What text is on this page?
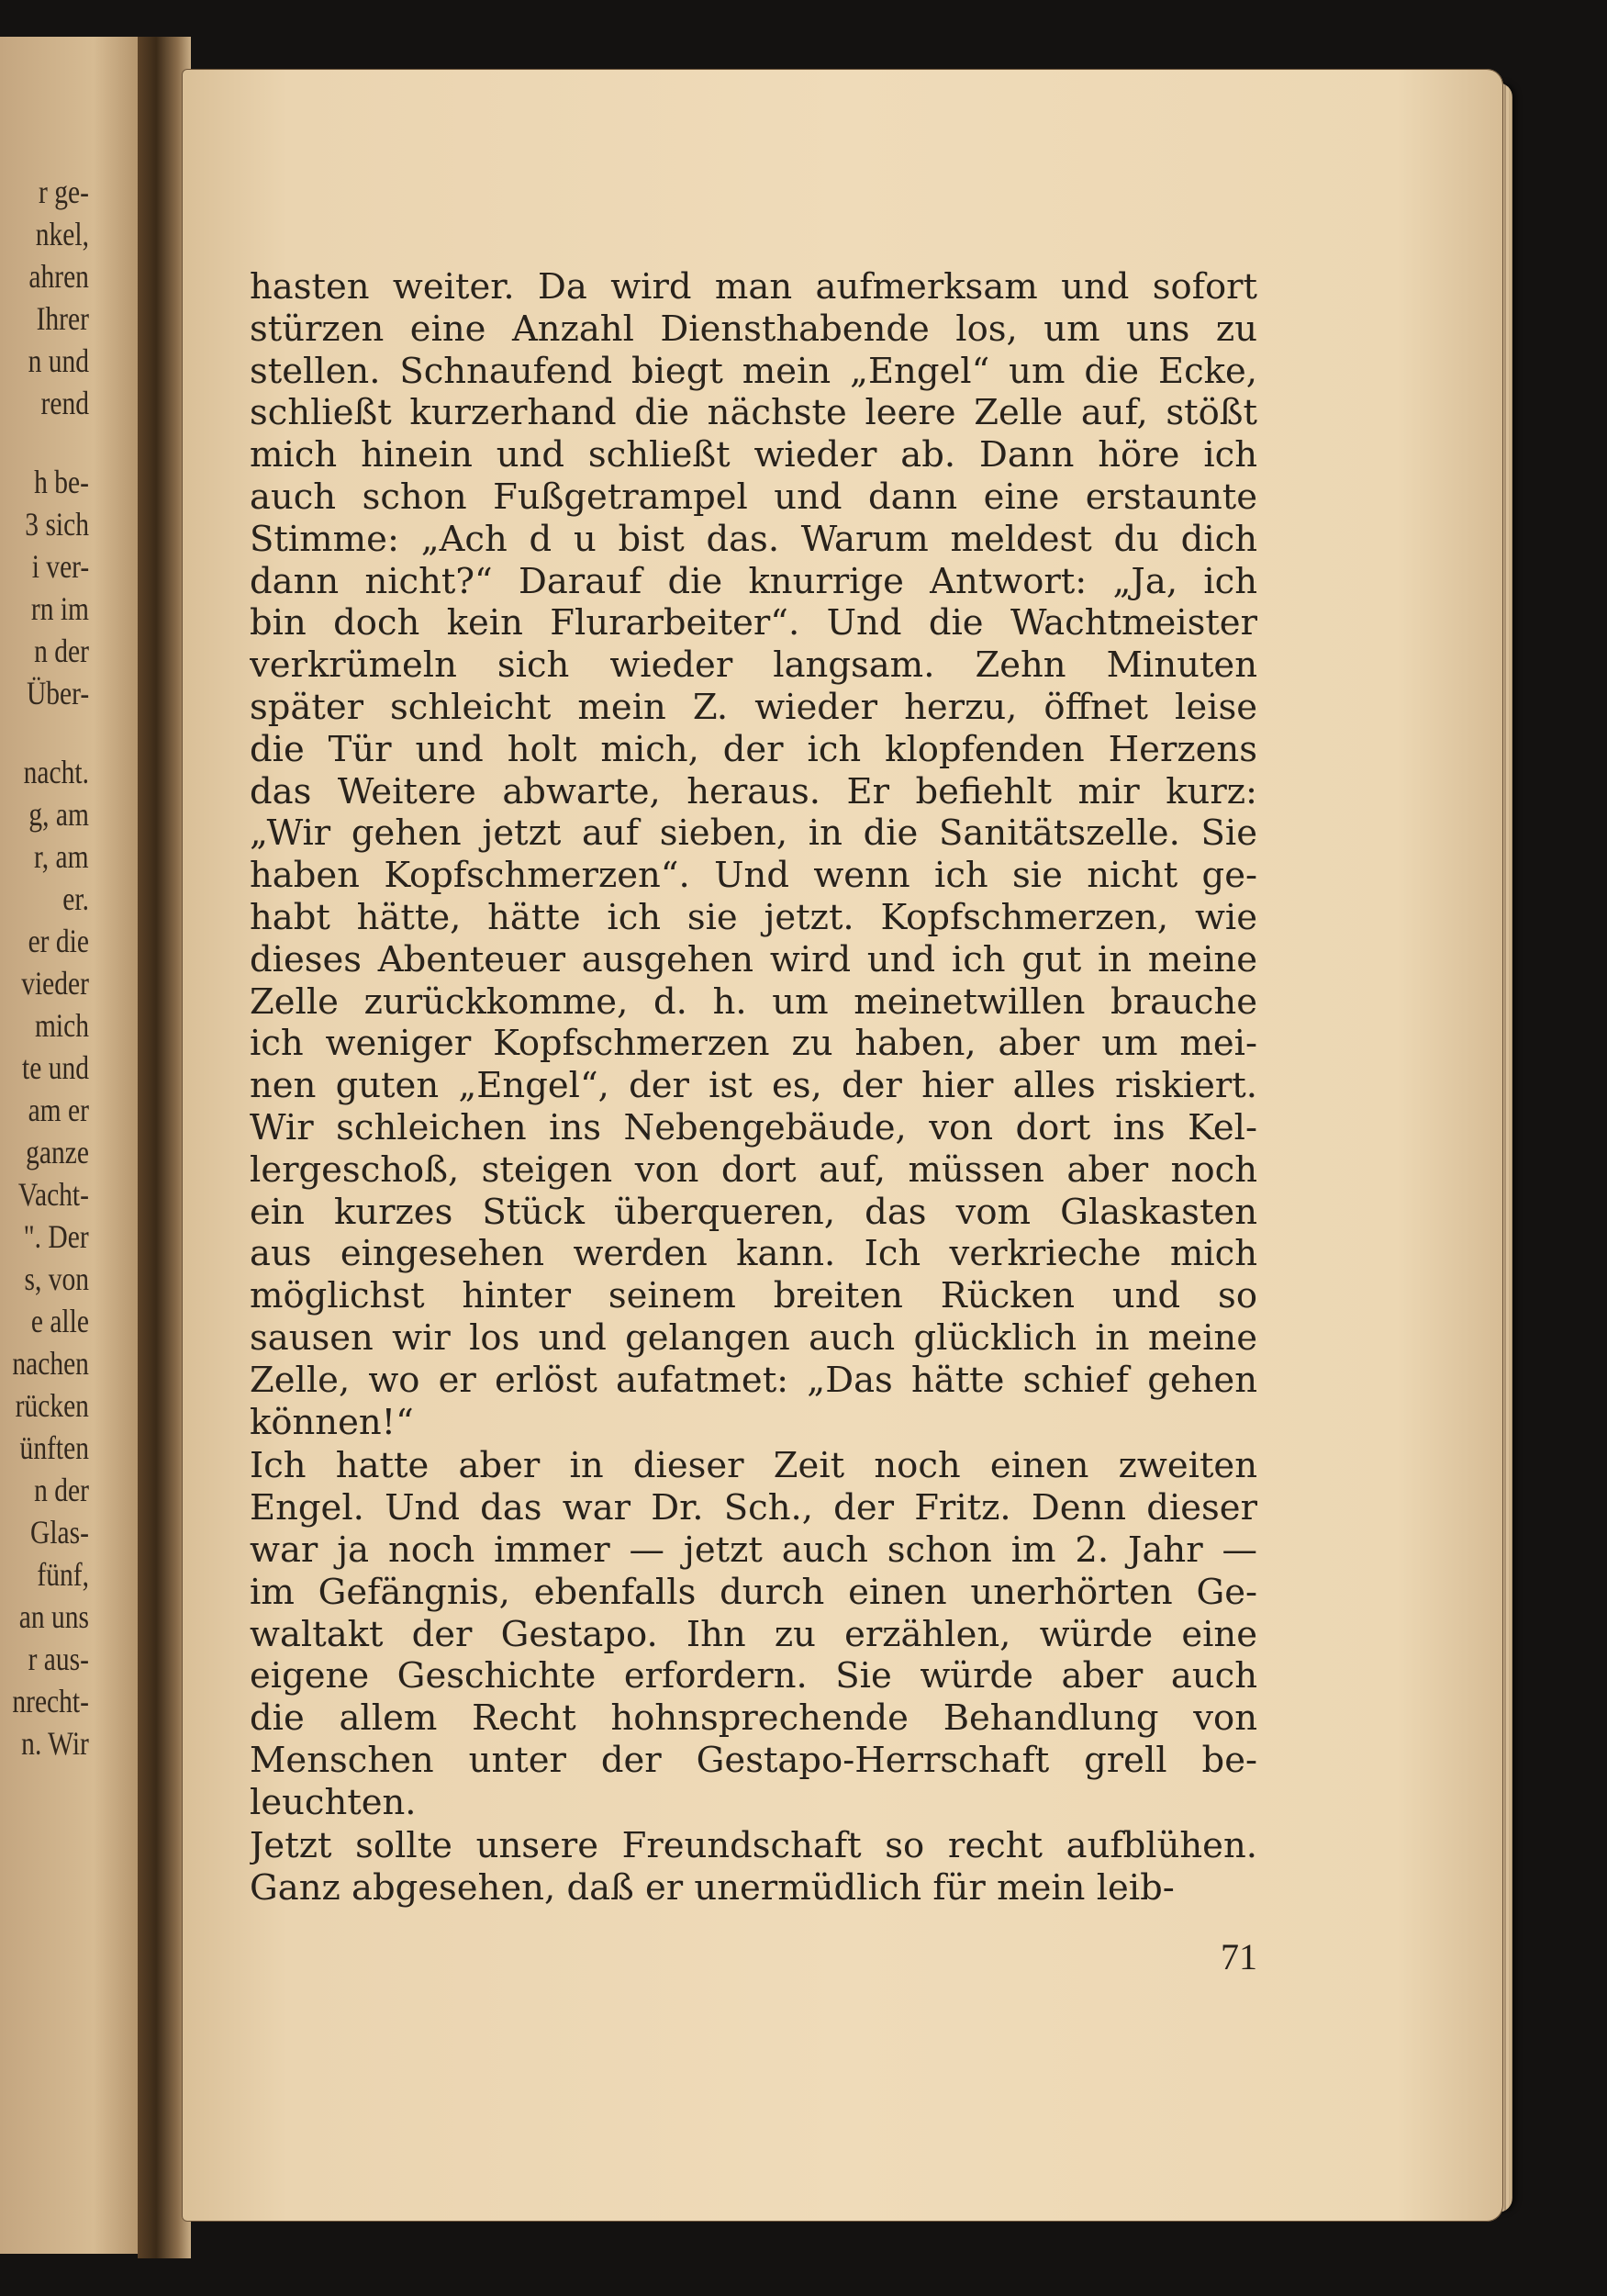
r ge-
nkel,
ahren
Ihrer
n und
rend
h be-
3 sich
i ver-
rn im
n der
Über-
nacht.
g, am
r, am
er.
er die
vieder
mich
te und
am er
ganze
Vacht-
". Der
s, von
e alle
nachen
rücken
ünften
n der
Glas-
fünf,
an uns
r aus-
nrecht-
n. Wir
hasten weiter. Da wird man aufmerksam und sofort
stürzen eine Anzahl Diensthabende los, um uns zu
stellen. Schnaufend biegt mein „Engel“ um die Ecke,
schließt kurzerhand die nächste leere Zelle auf, stößt
mich hinein und schließt wieder ab. Dann höre ich
auch schon Fußgetrampel und dann eine erstaunte
Stimme: „Ach d u bist das. Warum meldest du dich
dann nicht?“ Darauf die knurrige Antwort: „Ja, ich
bin doch kein Flurarbeiter“. Und die Wachtmeister
verkrümeln sich wieder langsam. Zehn Minuten
später schleicht mein Z. wieder herzu, öffnet leise
die Tür und holt mich, der ich klopfenden Herzens
das Weitere abwarte, heraus. Er befiehlt mir kurz:
„Wir gehen jetzt auf sieben, in die Sanitätszelle. Sie
haben Kopfschmerzen“. Und wenn ich sie nicht ge-
habt hätte, hätte ich sie jetzt. Kopfschmerzen, wie
dieses Abenteuer ausgehen wird und ich gut in meine
Zelle zurückkomme, d. h. um meinetwillen brauche
ich weniger Kopfschmerzen zu haben, aber um mei-
nen guten „Engel“, der ist es, der hier alles riskiert.
Wir schleichen ins Nebengebäude, von dort ins Kel-
lergeschoß, steigen von dort auf, müssen aber noch
ein kurzes Stück überqueren, das vom Glaskasten
aus eingesehen werden kann. Ich verkrieche mich
möglichst hinter seinem breiten Rücken und so
sausen wir los und gelangen auch glücklich in meine
Zelle, wo er erlöst aufatmet: „Das hätte schief gehen
können!“
Ich hatte aber in dieser Zeit noch einen zweiten
Engel. Und das war Dr. Sch., der Fritz. Denn dieser
war ja noch immer — jetzt auch schon im 2. Jahr —
im Gefängnis, ebenfalls durch einen unerhörten Ge-
waltakt der Gestapo. Ihn zu erzählen, würde eine
eigene Geschichte erfordern. Sie würde aber auch
die allem Recht hohnsprechende Behandlung von
Menschen unter der Gestapo-Herrschaft grell be-
leuchten.
Jetzt sollte unsere Freundschaft so recht aufblühen.
Ganz abgesehen, daß er unermüdlich für mein leib-
71
